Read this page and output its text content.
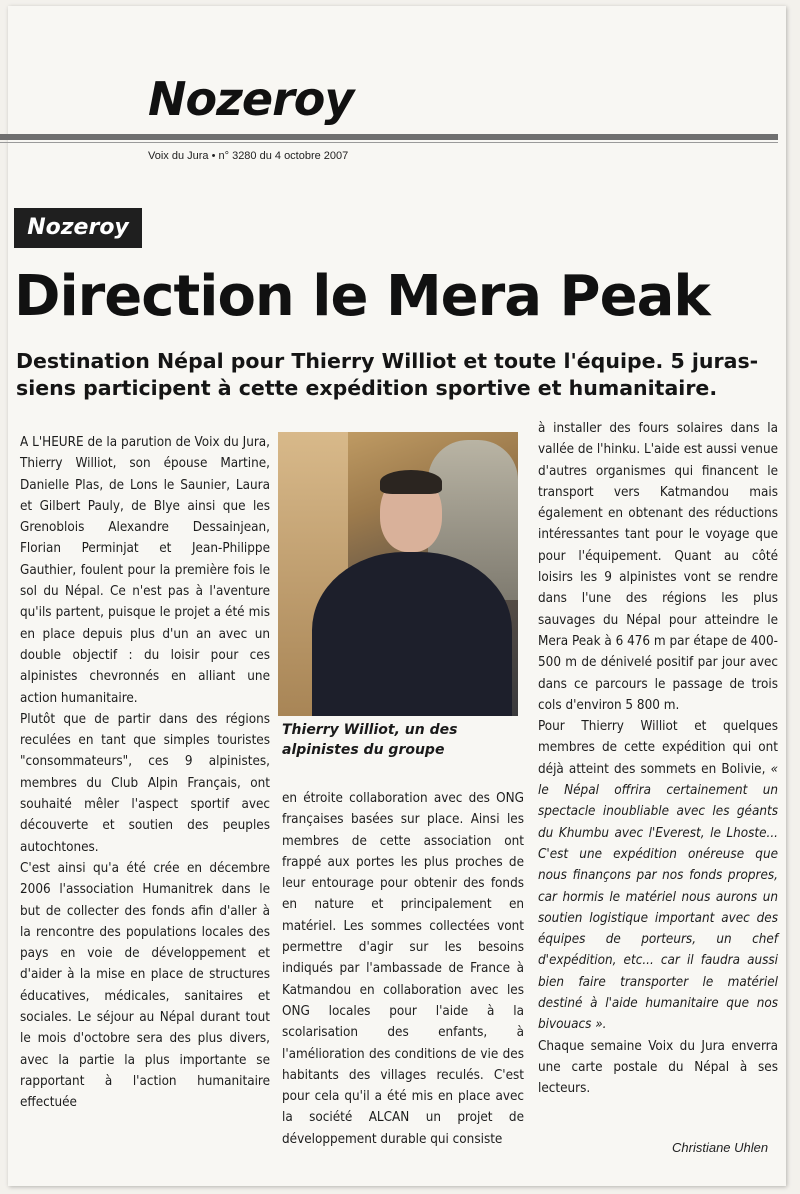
Nozeroy
Voix du Jura • n° 3280 du 4 octobre 2007
Nozeroy
Direction le Mera Peak
Destination Népal pour Thierry Williot et toute l'équipe. 5 juras- siens participent à cette expédition sportive et humanitaire.

A L'HEURE de la parution de Voix du Jura, Thierry Williot, son épouse Martine, Danielle Plas, de Lons le Saunier, Laura et Gilbert Pauly, de Blye ainsi que les Grenoblois Alexandre Dessainjean, Florian Perminjat et Jean-Philippe Gauthier, foulent pour la première fois le sol du Népal. Ce n'est pas à l'aventure qu'ils partent, puisque le projet a été mis en place depuis plus d'un an avec un double objectif : du loisir pour ces alpinistes chevronnés en alliant une action humanitaire.

Plutôt que de partir dans des régions reculées en tant que simples touristes "consommateurs", ces 9 alpinistes, membres du Club Alpin Français, ont souhaité mêler l'aspect sportif avec découverte et soutien des peuples autochtones.

C'est ainsi qu'a été crée en décembre 2006 l'association Humanitrek dans le but de collecter des fonds afin d'aller à la rencontre des populations locales des pays en voie de développement et d'aider à la mise en place de structures éducatives, médicales, sanitaires et sociales. Le séjour au Népal durant tout le mois d'octobre sera des plus divers, avec la partie la plus importante se rapportant à l'action humanitaire effectuée

Thierry Williot, un des alpinistes du groupe

en étroite collaboration avec des ONG françaises basées sur place. Ainsi les membres de cette association ont frappé aux portes les plus proches de leur entourage pour obtenir des fonds en nature et principalement en matériel. Les sommes collectées vont permettre d'agir sur les besoins indiqués par l'ambassade de France à Katmandou en collaboration avec les ONG locales pour l'aide à la scolarisation des enfants, à l'amélioration des conditions de vie des habitants des villages reculés. C'est pour cela qu'il a été mis en place avec la société ALCAN un projet de développement durable qui consiste

à installer des fours solaires dans la vallée de l'hinku. L'aide est aussi venue d'autres organismes qui financent le transport vers Katmandou mais également en obtenant des réductions intéressantes tant pour le voyage que pour l'équipement. Quant au côté loisirs les 9 alpinistes vont se rendre dans l'une des régions les plus sauvages du Népal pour atteindre le Mera Peak à 6 476 m par étape de 400-500 m de dénivelé positif par jour avec dans ce parcours le passage de trois cols d'environ 5 800 m.

Pour Thierry Williot et quelques membres de cette expédition qui ont déjà atteint des sommets en Bolivie, « le Népal offrira certainement un spectacle inoubliable avec les géants du Khumbu avec l'Everest, le Lhoste... C'est une expédition onéreuse que nous finançons par nos fonds propres, car hormis le matériel nous aurons un soutien logistique important avec des équipes de porteurs, un chef d'expédition, etc... car il faudra aussi bien faire transporter le matériel destiné à l'aide humanitaire que nos bivouacs ».

Chaque semaine Voix du Jura enverra une carte postale du Népal à ses lecteurs.

Christiane Uhlen
